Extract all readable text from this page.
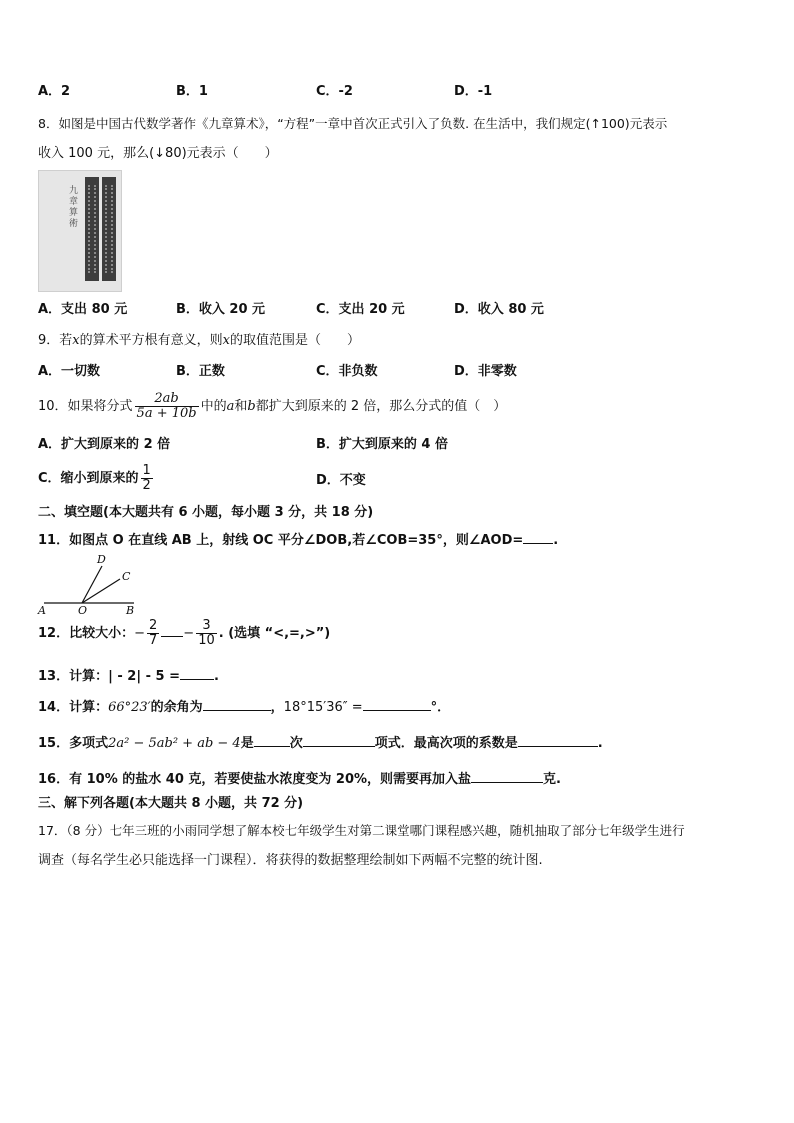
A．2	B．1	C．-2	D．-1
8．如图是中国古代数学著作《九章算术》，“方程”一章中首次正式引入了负数. 在生活中，我们规定(↑100)元表示
收入 100 元，那么(↓80)元表示（　　）
九章算術
A．支出 80 元	B．收入 20 元	C．支出 20 元	D．收入 80 元
9．若x的算术平方根有意义，则x的取值范围是（　　）
A．一切数	B．正数	C．非负数	D．非零数
10．如果将分式 $\frac{2ab}{5a + 10b}$ 中的a和b都扩大到原来的 2 倍，那么分式的值（　）
A．扩大到原来的 2 倍	B．扩大到原来的 4 倍
C．缩小到原来的 $\frac{1}{2}$	D．不变
二、填空题(本大题共有 6 小题，每小题 3 分，共 18 分)
11．如图点 O 在直线 AB 上，射线 OC 平分∠DOB,若∠COB=35°，则∠AOD= .
A	O	B
C
D
12．比较大小：− $\frac{2}{7} - \frac{3}{10}$ . (选填 “<,=,>”)
13．计算：| - 2| - 5 =	.
14．计算：66°23′的余角为	，18°15′36″ =	°．
15．多项式2a² − 5ab² + ab − 4是	次	项式．最高次项的系数是	.
16．有 10% 的盐水 40 克，若要使盐水浓度变为 20%，则需要再加入盐	克.
三、解下列各题(本大题共 8 小题，共 72 分)
17．（8 分）七年三班的小雨同学想了解本校七年级学生对第二课堂哪门课程感兴趣，随机抽取了部分七年级学生进行
调查（每名学生必只能选择一门课程）．将获得的数据整理绘制如下两幅不完整的统计图.
